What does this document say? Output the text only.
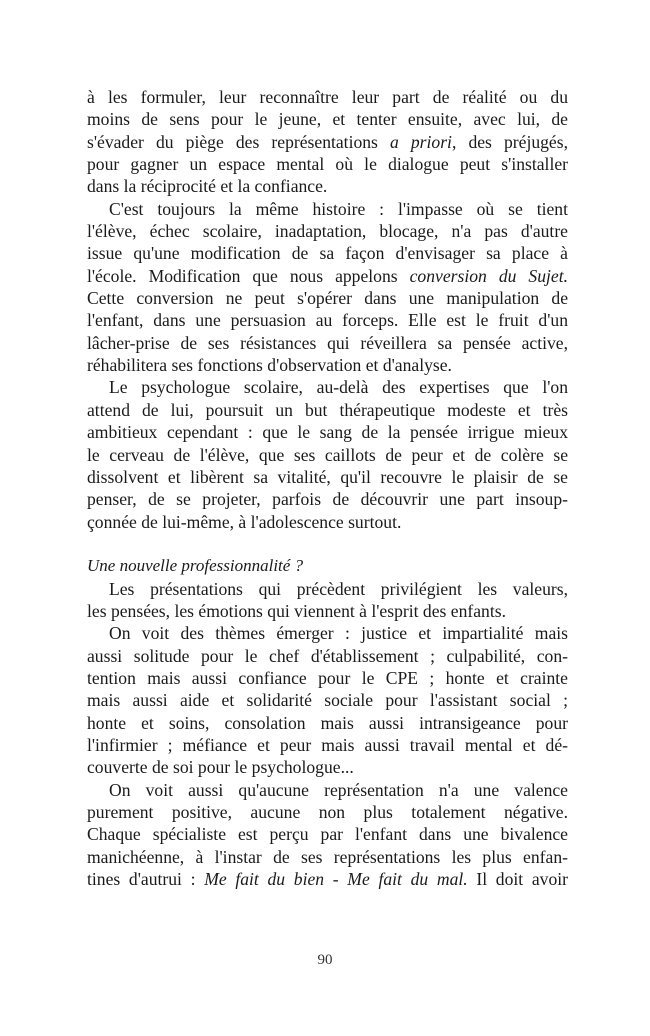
à les formuler, leur reconnaître leur part de réalité ou du
moins de sens pour le jeune, et tenter ensuite, avec lui, de
s'évader du piège des représentations a priori, des préjugés,
pour gagner un espace mental où le dialogue peut s'installer
dans la réciprocité et la confiance.
C'est toujours la même histoire : l'impasse où se tient
l'élève, échec scolaire, inadaptation, blocage, n'a pas d'autre
issue qu'une modification de sa façon d'envisager sa place à
l'école. Modification que nous appelons conversion du Sujet.
Cette conversion ne peut s'opérer dans une manipulation de
l'enfant, dans une persuasion au forceps. Elle est le fruit d'un
lâcher-prise de ses résistances qui réveillera sa pensée active,
réhabilitera ses fonctions d'observation et d'analyse.
Le psychologue scolaire, au-delà des expertises que l'on
attend de lui, poursuit un but thérapeutique modeste et très
ambitieux cependant : que le sang de la pensée irrigue mieux
le cerveau de l'élève, que ses caillots de peur et de colère se
dissolvent et libèrent sa vitalité, qu'il recouvre le plaisir de se
penser, de se projeter, parfois de découvrir une part insoup-
çonnée de lui-même, à l'adolescence surtout.
Une nouvelle professionnalité ?
Les présentations qui précèdent privilégient les valeurs,
les pensées, les émotions qui viennent à l'esprit des enfants.
On voit des thèmes émerger : justice et impartialité mais
aussi solitude pour le chef d'établissement ; culpabilité, con-
tention mais aussi confiance pour le CPE ; honte et crainte
mais aussi aide et solidarité sociale pour l'assistant social ;
honte et soins, consolation mais aussi intransigeance pour
l'infirmier ; méfiance et peur mais aussi travail mental et dé-
couverte de soi pour le psychologue...
On voit aussi qu'aucune représentation n'a une valence
purement positive, aucune non plus totalement négative.
Chaque spécialiste est perçu par l'enfant dans une bivalence
manichéenne, à l'instar de ses représentations les plus enfan-
tines d'autrui : Me fait du bien - Me fait du mal. Il doit avoir
90
